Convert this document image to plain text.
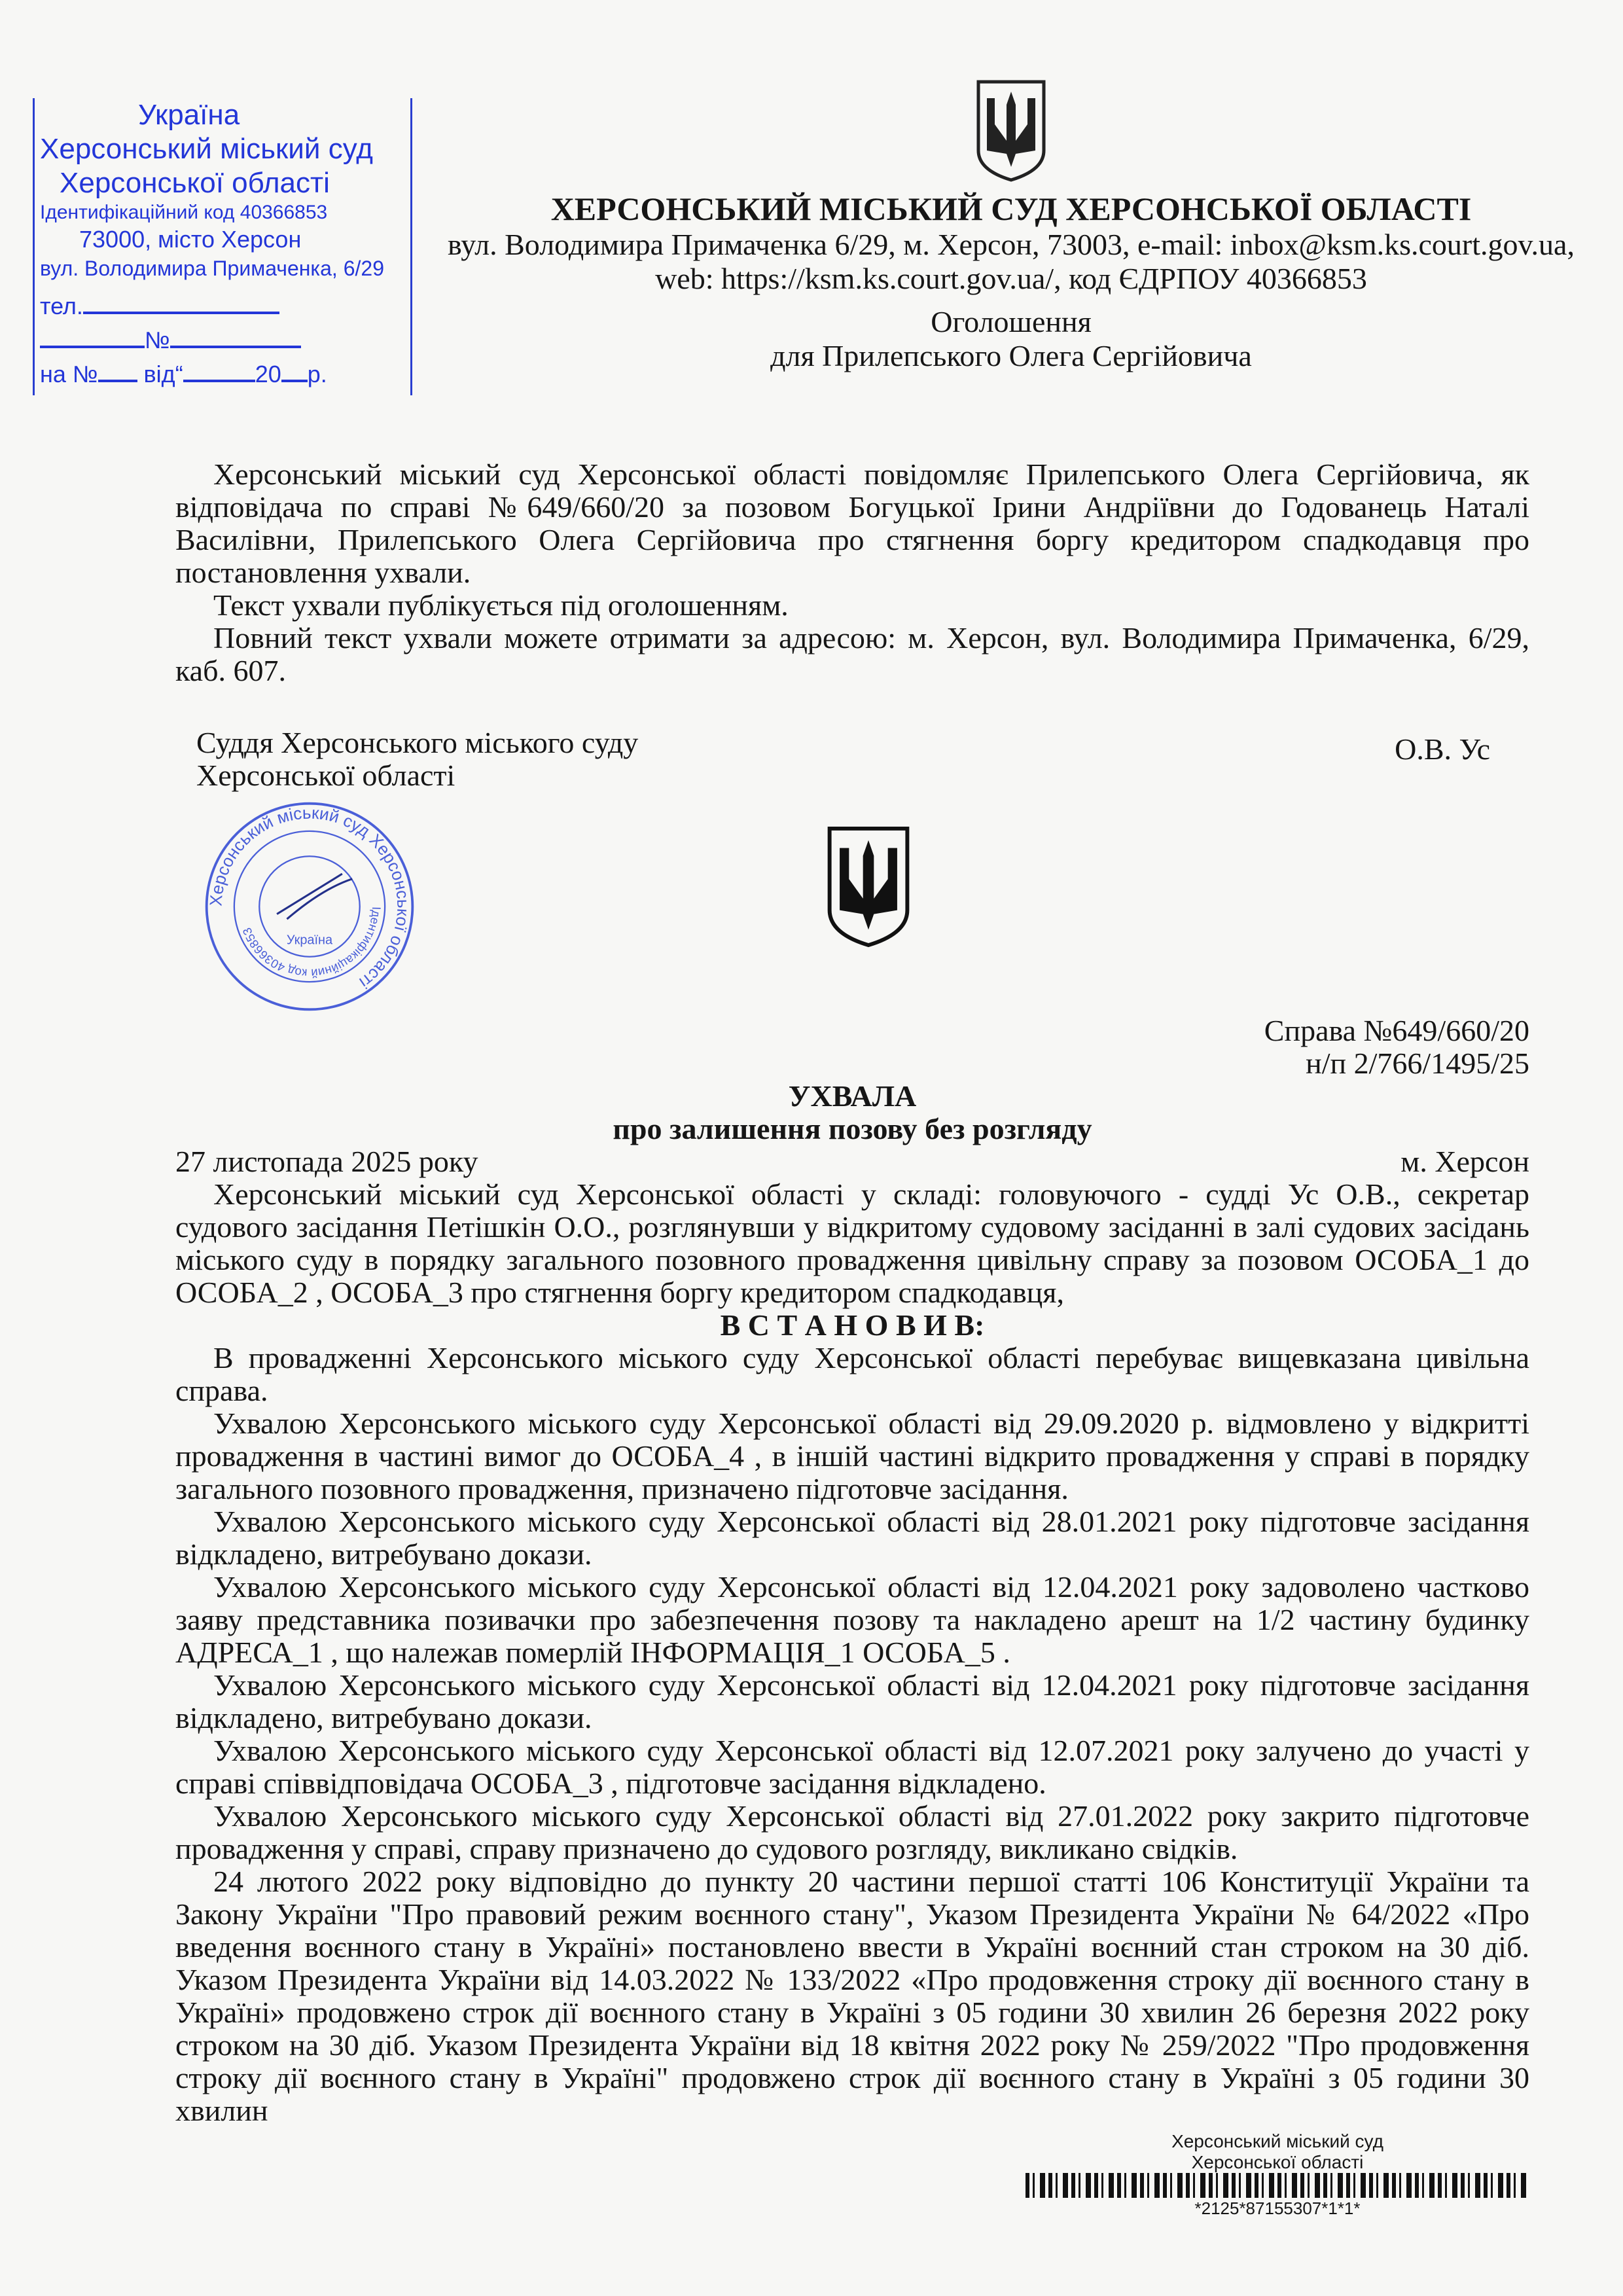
Україна
Херсонський міський суд
Херсонської області
Ідентифікаційний код 40366853
73000, місто Херсон
вул. Володимира Примаченка, 6/29
тел.
№
на № від“	20 р.
ХЕРСОНСЬКИЙ МІСЬКИЙ СУД ХЕРСОНСЬКОЇ ОБЛАСТІ
вул. Володимира Примаченка 6/29, м. Херсон, 73003, e-mail: inbox@ksm.ks.court.gov.ua,
web: https://ksm.ks.court.gov.ua/, код ЄДРПОУ 40366853
Оголошення
для Прилепського Олега Сергійовича

Херсонський міський суд Херсонської області повідомляє Прилепського Олега Сергійовича, як відповідача по справі №649/660/20 за позовом Богуцької Ірини Андріївни до Годованець Наталі Василівни, Прилепського Олега Сергійовича про стягнення боргу кредитором спадкодавця про постановлення ухвали.

Текст ухвали публікується під оголошенням.

Повний текст ухвали можете отримати за адресою: м. Херсон, вул. Володимира Примаченка, 6/29, каб. 607.

Суддя Херсонського міського суду
Херсонської області
О.В. Ус
Херсонський міський суд Херсонської області
Ідентифікаційний код 40366853
Україна
Справа №649/660/20
н/п 2/766/1495/25
УХВАЛА
про залишення позову без розгляду
27 листопада 2025 року	м. Херсон

Херсонський міський суд Херсонської області у складі: головуючого - судді Ус О.В., секретар судового засідання Петішкін О.О., розглянувши у відкритому судовому засіданні в залі судових засідань міського суду в порядку загального позовного провадження цивільну справу за позовом ОСОБА_1 до ОСОБА_2 , ОСОБА_3 про стягнення боргу кредитором спадкодавця,

В С Т А Н О В И В:

В провадженні Херсонського міського суду Херсонської області перебуває вищевказана цивільна справа.

Ухвалою Херсонського міського суду Херсонської області від 29.09.2020 р. відмовлено у відкритті провадження в частині вимог до ОСОБА_4 , в іншій частині відкрито провадження у справі в порядку загального позовного провадження, призначено підготовче засідання.

Ухвалою Херсонського міського суду Херсонської області від 28.01.2021 року підготовче засідання відкладено, витребувано докази.

Ухвалою Херсонського міського суду Херсонської області від 12.04.2021 року задоволено частково заяву представника позивачки про забезпечення позову та накладено арешт на 1/2 частину будинку АДРЕСА_1 , що належав померлій ІНФОРМАЦІЯ_1 ОСОБА_5 .

Ухвалою Херсонського міського суду Херсонської області від 12.04.2021 року підготовче засідання відкладено, витребувано докази.

Ухвалою Херсонського міського суду Херсонської області від 12.07.2021 року залучено до участі у справі співвідповідача ОСОБА_3 , підготовче засідання відкладено.

Ухвалою Херсонського міського суду Херсонської області від 27.01.2022 року закрито підготовче провадження у справі, справу призначено до судового розгляду, викликано свідків.

24 лютого 2022 року відповідно до пункту 20 частини першої статті 106 Конституції України та Закону України "Про правовий режим воєнного стану", Указом Президента України № 64/2022 «Про введення воєнного стану в Україні» постановлено ввести в Україні воєнний стан строком на 30 діб. Указом Президента України від 14.03.2022 № 133/2022 «Про продовження строку дії воєнного стану в Україні» продовжено строк дії воєнного стану в Україні з 05 години 30 хвилин 26 березня 2022 року строком на 30 діб. Указом Президента України від 18 квітня 2022 року № 259/2022 "Про продовження строку дії воєнного стану в Україні" продовжено строк дії воєнного стану в Україні з 05 години 30 хвилин

Херсонський міський суд
Херсонської області
*2125*87155307*1*1*
